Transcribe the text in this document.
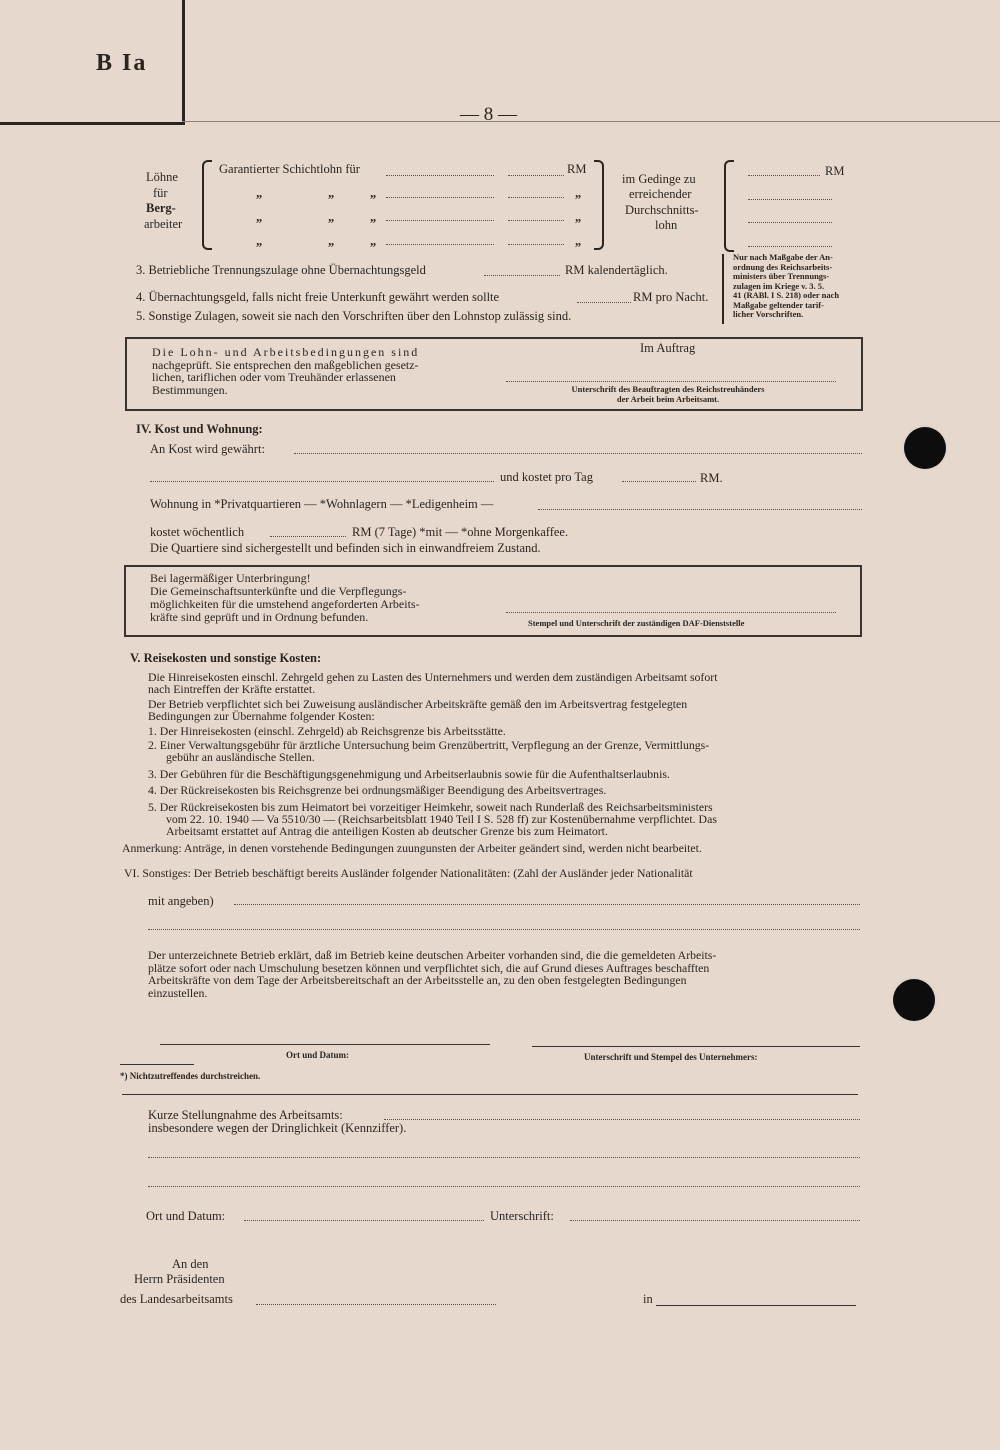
B Ia
— 8 —
Löhne
für
Berg-
arbeiter
Garantierter Schichtlohn für	RM
„	„	„	„
„	„	„	„
„	„	„	„
im Gedinge zu
erreichender
Durchschnitts-
lohn
RM
3. Betriebliche Trennungszulage ohne Übernachtungsgeld	RM kalendertäglich.
4. Übernachtungsgeld, falls nicht freie Unterkunft gewährt werden sollte	RM pro Nacht.
5. Sonstige Zulagen, soweit sie nach den Vorschriften über den Lohnstop zulässig sind.
Nur nach Maßgabe der An-
ordnung des Reichsarbeits-
ministers über Trennungs-
zulagen im Kriege v. 3. 5.
41 (RABl. I S. 218) oder nach
Maßgabe geltender tarif-
licher Vorschriften.
Die Lohn- und Arbeitsbedingungen sind
nachgeprüft. Sie entsprechen den maßgeblichen gesetz-
lichen, tariflichen oder vom Treuhänder erlassenen
Bestimmungen.
Im Auftrag
Unterschrift des Beauftragten des Reichstreuhänders
der Arbeit beim Arbeitsamt.
IV. Kost und Wohnung:
An Kost wird gewährt:
und kostet pro Tag	RM.
Wohnung in *Privatquartieren — *Wohnlagern — *Ledigenheim —
kostet wöchentlich	RM (7 Tage) *mit — *ohne Morgenkaffee.
Die Quartiere sind sichergestellt und befinden sich in einwandfreiem Zustand.
Bei lagermäßiger Unterbringung!
Die Gemeinschaftsunterkünfte und die Verpflegungs-
möglichkeiten für die umstehend angeforderten Arbeits-
kräfte sind geprüft und in Ordnung befunden.	Stempel und Unterschrift der zuständigen DAF-Dienststelle
V. Reisekosten und sonstige Kosten:
Die Hinreisekosten einschl. Zehrgeld gehen zu Lasten des Unternehmers und werden dem zuständigen Arbeitsamt sofort
nach Eintreffen der Kräfte erstattet.
Der Betrieb verpflichtet sich bei Zuweisung ausländischer Arbeitskräfte gemäß den im Arbeitsvertrag festgelegten
Bedingungen zur Übernahme folgender Kosten:
1. Der Hinreisekosten (einschl. Zehrgeld) ab Reichsgrenze bis Arbeitsstätte.
2. Einer Verwaltungsgebühr für ärztliche Untersuchung beim Grenzübertritt, Verpflegung an der Grenze, Vermittlungs-
gebühr an ausländische Stellen.
3. Der Gebühren für die Beschäftigungsgenehmigung und Arbeitserlaubnis sowie für die Aufenthaltserlaubnis.
4. Der Rückreisekosten bis Reichsgrenze bei ordnungsmäßiger Beendigung des Arbeitsvertrages.
5. Der Rückreisekosten bis zum Heimatort bei vorzeitiger Heimkehr, soweit nach Runderlaß des Reichsarbeitsministers
vom 22. 10. 1940 — Va 5510/30 — (Reichsarbeitsblatt 1940 Teil I S. 528 ff) zur Kostenübernahme verpflichtet. Das
Arbeitsamt erstattet auf Antrag die anteiligen Kosten ab deutscher Grenze bis zum Heimatort.
Anmerkung: Anträge, in denen vorstehende Bedingungen zuungunsten der Arbeiter geändert sind, werden nicht bearbeitet.
VI. Sonstiges: Der Betrieb beschäftigt bereits Ausländer folgender Nationalitäten: (Zahl der Ausländer jeder Nationalität
mit angeben)
Der unterzeichnete Betrieb erklärt, daß im Betrieb keine deutschen Arbeiter vorhanden sind, die die gemeldeten Arbeits-
plätze sofort oder nach Umschulung besetzen können und verpflichtet sich, die auf Grund dieses Auftrages beschafften
Arbeitskräfte von dem Tage der Arbeitsbereitschaft an der Arbeitsstelle an, zu den oben festgelegten Bedingungen
einzustellen.
Ort und Datum:	Unterschrift und Stempel des Unternehmers:
*) Nichtzutreffendes durchstreichen.
Kurze Stellungnahme des Arbeitsamts:
insbesondere wegen der Dringlichkeit (Kennziffer).
Ort und Datum:	Unterschrift:
An den
Herrn Präsidenten
des Landesarbeitsamts	in
